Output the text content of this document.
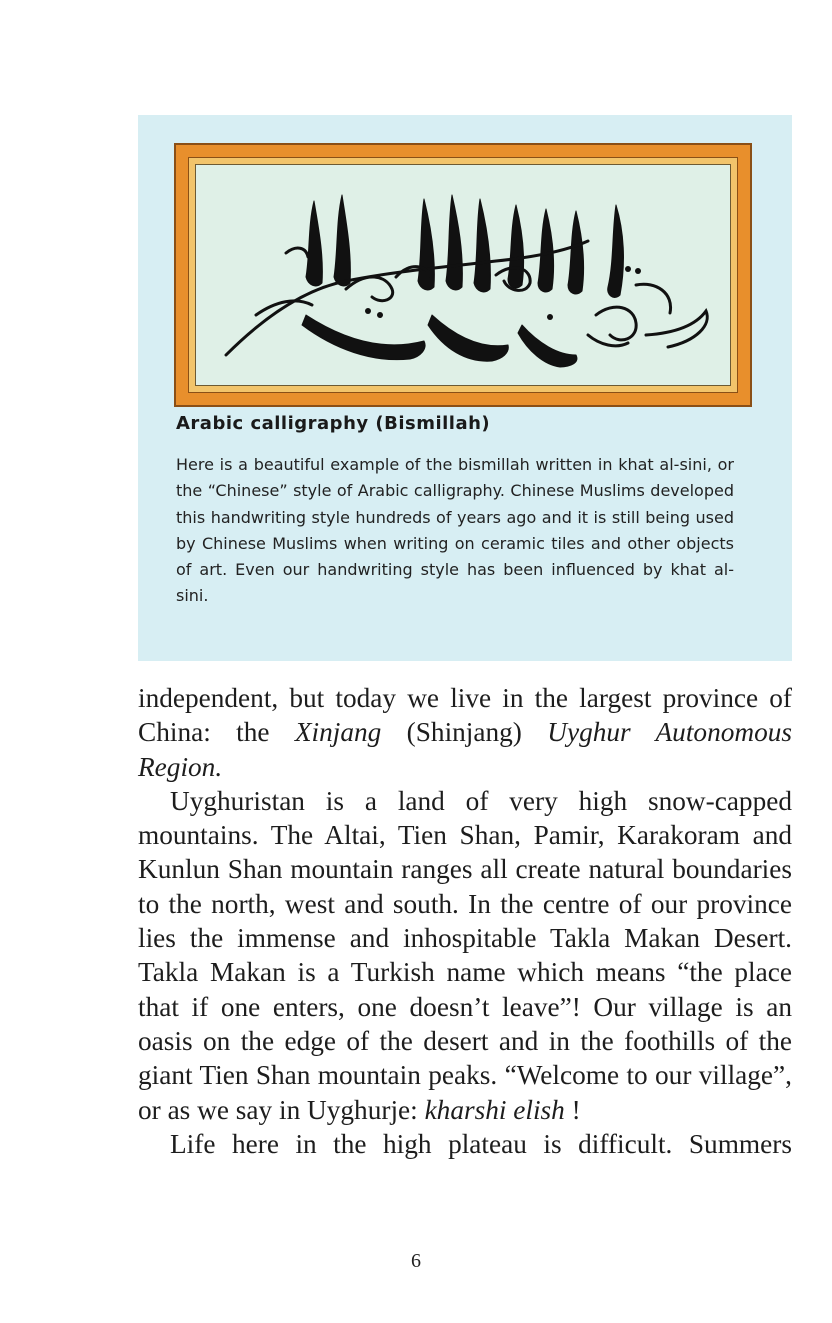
Arabic calligraphy (Bismillah)
Here is a beautiful example of the bismillah written in khat al-sini, or the “Chinese” style of Arabic calligraphy. Chinese Muslims developed this handwriting style hundreds of years ago and it is still being used by Chinese Muslims when writing on ceramic tiles and other objects of art. Even our handwriting style has been influenced by khat al-sini.

independent, but today we live in the largest province of China: the Xinjang (Shinjang) Uyghur Autonomous

Region.

Uyghuristan is a land of very high snow-capped mountains. The Altai, Tien Shan, Pamir, Karakoram and Kunlun Shan mountain ranges all create natural boundaries to the north, west and south. In the centre of our province lies the immense and inhospitable Takla Makan Desert. Takla Makan is a Turkish name which means “the place that if one enters, one doesn’t leave”! Our village is an oasis on the edge of the desert and in the foothills of the giant Tien Shan mountain peaks. “Welcome to our village”, or as we say in Uyghurje: kharshi elish !

Life here in the high plateau is difficult. Summers

6
